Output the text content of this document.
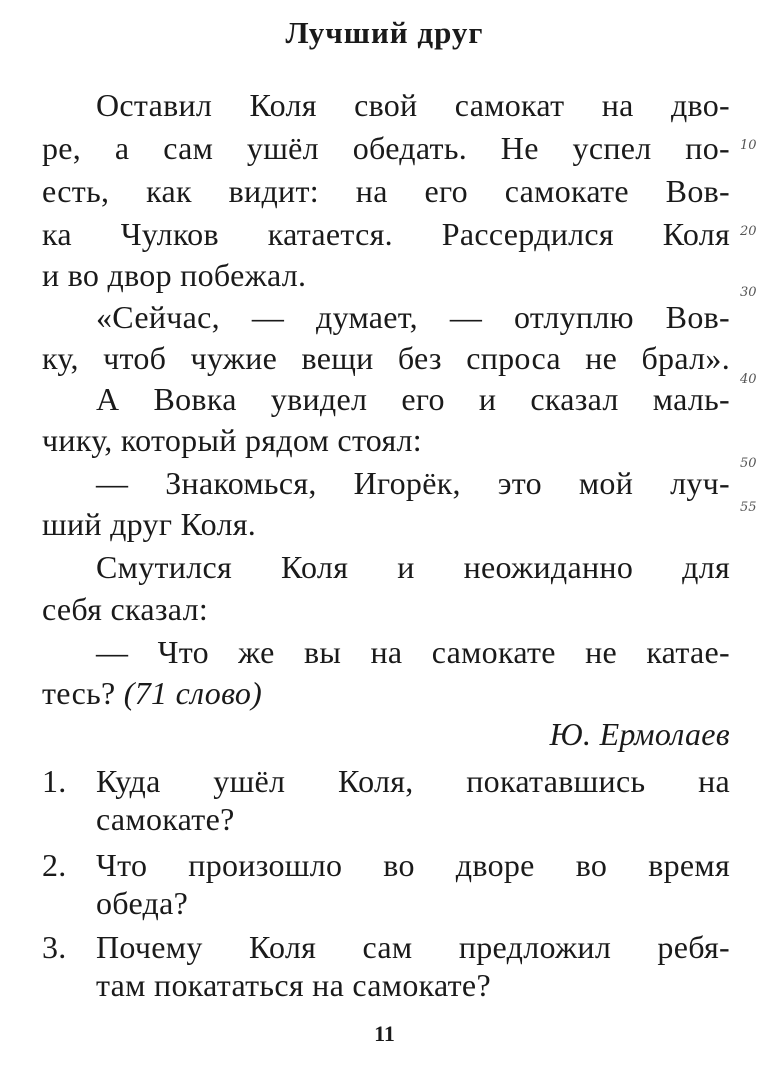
Лучший друг
Оставил Коля свой самокат на дво-
ре, а сам ушёл обедать. Не успел по-
есть, как видит: на его самокате Вов-
ка Чулков катается. Рассердился Коля
и во двор побежал.
«Сейчас, — думает, — отлуплю Вов-
ку, чтоб чужие вещи без спроса не брал».
А Вовка увидел его и сказал маль-
чику, который рядом стоял:
— Знакомься, Игорёк, это мой луч-
ший друг Коля.
Смутился Коля и неожиданно для
себя сказал:
— Что же вы на самокате не катае-
тесь? (71 слово)
Ю. Ермолаев
1. Куда ушёл Коля, покатавшись на
самокате?
2. Что произошло во дворе во время
обеда?
3. Почему Коля сам предложил ребя-
там покататься на самокате?
10
20
30
40
50
55
11
